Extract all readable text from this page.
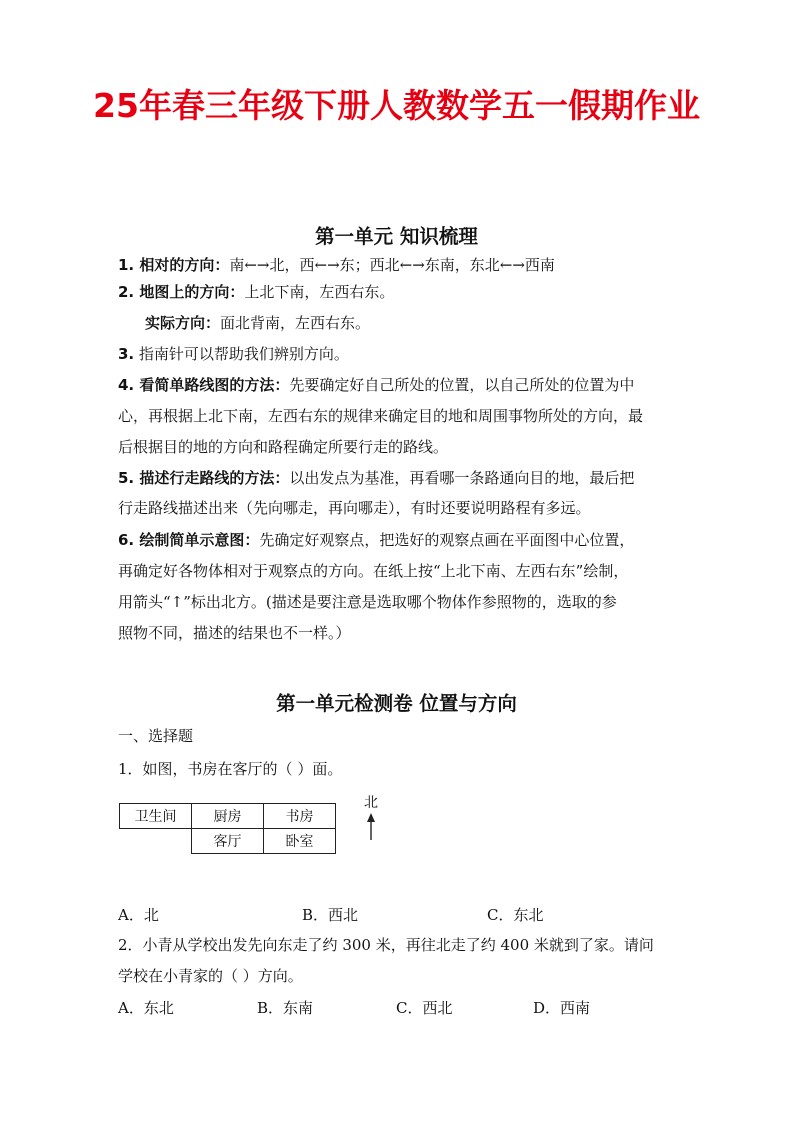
25年春三年级下册人教数学五一假期作业
第一单元 知识梳理
1. 相对的方向：南←→北，西←→东；西北←→东南，东北←→西南
2. 地图上的方向：上北下南，左西右东。
实际方向：面北背南，左西右东。
3. 指南针可以帮助我们辨别方向。
4. 看简单路线图的方法：先要确定好自己所处的位置，以自己所处的位置为中
心，再根据上北下南，左西右东的规律来确定目的地和周围事物所处的方向，最
后根据目的地的方向和路程确定所要行走的路线。
5. 描述行走路线的方法：以出发点为基准，再看哪一条路通向目的地，最后把
行走路线描述出来（先向哪走，再向哪走），有时还要说明路程有多远。
6. 绘制简单示意图：先确定好观察点，把选好的观察点画在平面图中心位置，
再确定好各物体相对于观察点的方向。在纸上按“上北下南、左西右东”绘制，
用箭头“↑”标出北方。(描述是要注意是选取哪个物体作参照物的，选取的参
照物不同，描述的结果也不一样。）
第一单元检测卷 位置与方向
一、选择题
1．如图，书房在客厅的（ ）面。
卫生间	厨房	书房
	客厅	卧室
北
A．北	B．西北	C．东北
2．小青从学校出发先向东走了约 300 米，再往北走了约 400 米就到了家。请问
学校在小青家的（ ）方向。
A．东北	B．东南	C．西北	D．西南
